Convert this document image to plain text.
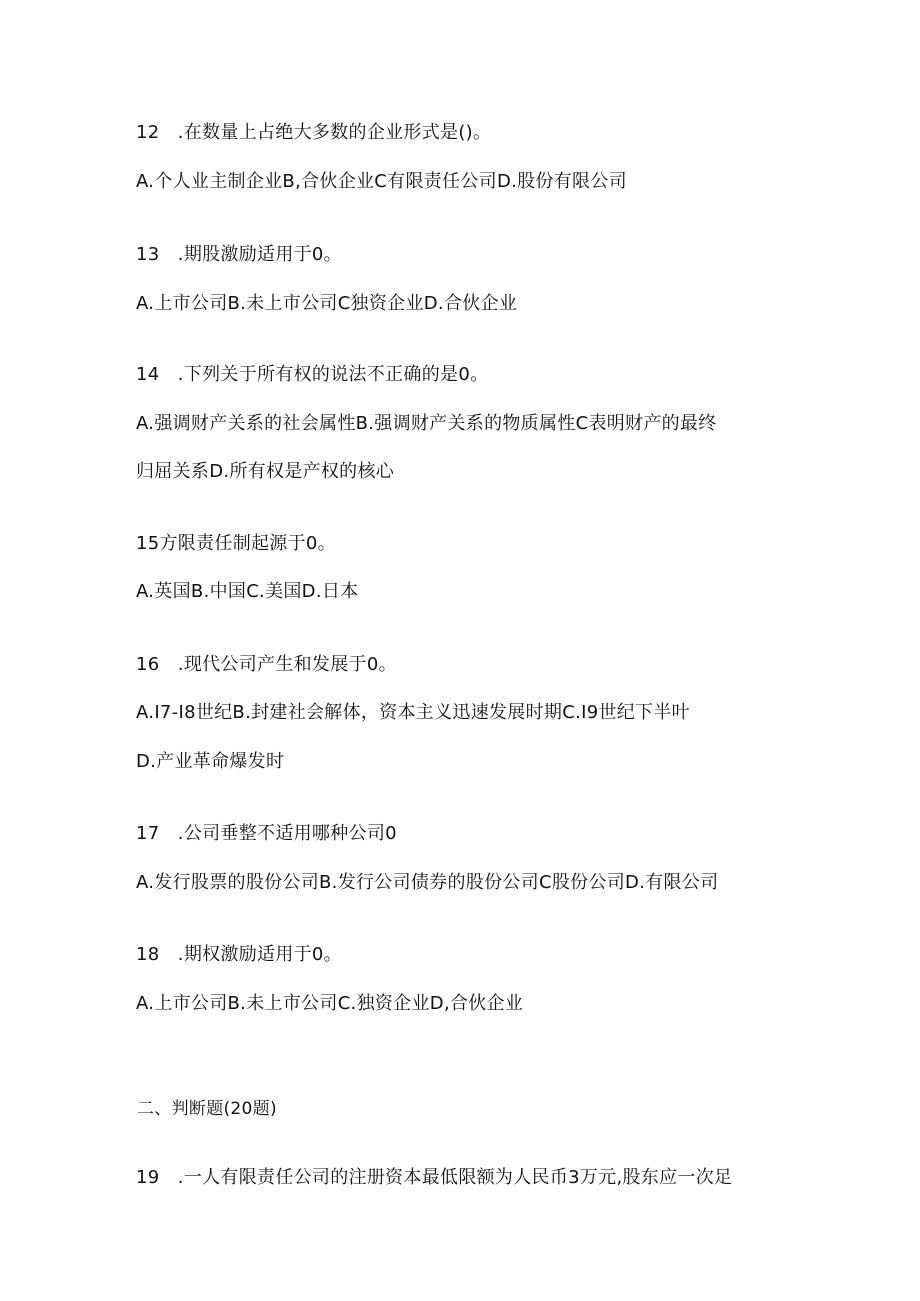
12　.在数量上占绝大多数的企业形式是()。
A.个人业主制企业B,合伙企业C有限责任公司D.股份有限公司
13　.期股激励适用于0。
A.上市公司B.未上市公司C独资企业D.合伙企业
14　.下列关于所有权的说法不正确的是0。
A.强调财产关系的社会属性B.强调财产关系的物质属性C表明财产的最终
归屈关系D.所有权是产权的核心
15方限责任制起源于0。
A.英国B.中国C.美国D.日本
16　.现代公司产生和发展于0。
A.I7-I8世纪B.封建社会解体，资本主义迅速发展时期C.I9世纪下半叶
D.产业革命爆发时
17　.公司垂整不适用哪种公司0
A.发行股票的股份公司B.发行公司债券的股份公司C股份公司D.有限公司
18　.期权激励适用于0。
A.上市公司B.未上市公司C.独资企业D,合伙企业
二、判断题(20题)
19　.一人有限责任公司的注册资本最低限额为人民币3万元,股东应一次足
